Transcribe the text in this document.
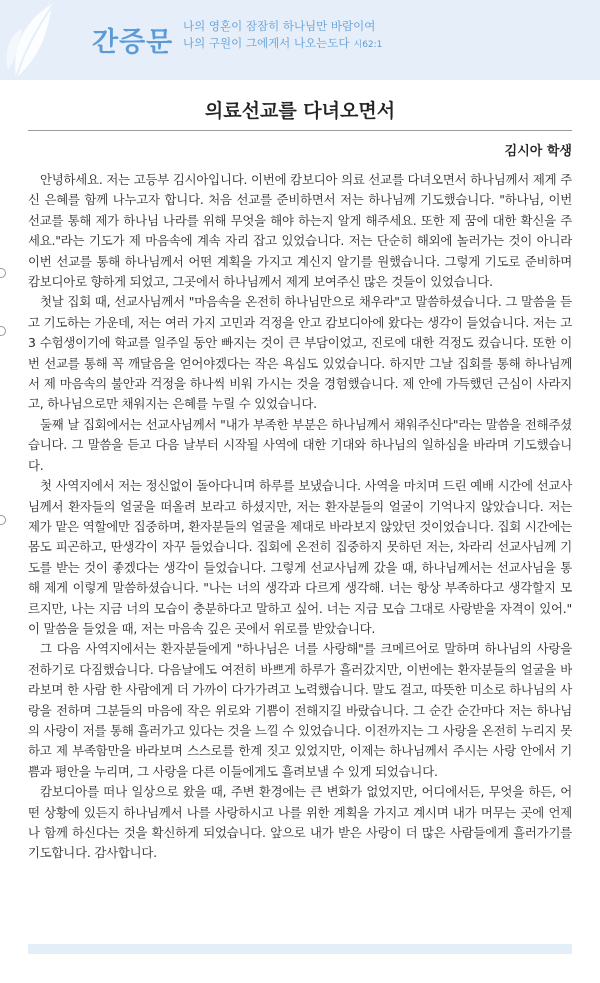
간증문
나의 영혼이 잠잠히 하나님만 바람이여
나의 구원이 그에게서 나오는도다 시62:1
의료선교를 다녀오면서
김시아 학생

안녕하세요. 저는 고등부 김시아입니다. 이번에 캄보디아 의료 선교를 다녀오면서 하나님께서 제게 주신 은혜를 함께 나누고자 합니다. 처음 선교를 준비하면서 저는 하나님께 기도했습니다. "하나님, 이번 선교를 통해 제가 하나님 나라를 위해 무엇을 해야 하는지 알게 해주세요. 또한 제 꿈에 대한 확신을 주세요."라는 기도가 제 마음속에 계속 자리 잡고 있었습니다. 저는 단순히 해외에 놀러가는 것이 아니라 이번 선교를 통해 하나님께서 어떤 계획을 가지고 계신지 알기를 원했습니다. 그렇게 기도로 준비하며 캄보디아로 향하게 되었고, 그곳에서 하나님께서 제게 보여주신 많은 것들이 있었습니다.

첫날 집회 때, 선교사님께서 "마음속을 온전히 하나님만으로 채우라"고 말씀하셨습니다. 그 말씀을 듣고 기도하는 가운데, 저는 여러 가지 고민과 걱정을 안고 캄보디아에 왔다는 생각이 들었습니다. 저는 고3 수험생이기에 학교를 일주일 동안 빠지는 것이 큰 부담이었고, 진로에 대한 걱정도 컸습니다. 또한 이번 선교를 통해 꼭 깨달음을 얻어야겠다는 작은 욕심도 있었습니다. 하지만 그날 집회를 통해 하나님께서 제 마음속의 불안과 걱정을 하나씩 비워 가시는 것을 경험했습니다. 제 안에 가득했던 근심이 사라지고, 하나님으로만 채워지는 은혜를 누릴 수 있었습니다.

둘째 날 집회에서는 선교사님께서 "내가 부족한 부분은 하나님께서 채워주신다"라는 말씀을 전해주셨습니다. 그 말씀을 듣고 다음 날부터 시작될 사역에 대한 기대와 하나님의 일하심을 바라며 기도했습니다.

첫 사역지에서 저는 정신없이 돌아다니며 하루를 보냈습니다. 사역을 마치며 드린 예배 시간에 선교사님께서 환자들의 얼굴을 떠올려 보라고 하셨지만, 저는 환자분들의 얼굴이 기억나지 않았습니다. 저는 제가 맡은 역할에만 집중하며, 환자분들의 얼굴을 제대로 바라보지 않았던 것이었습니다. 집회 시간에는 몸도 피곤하고, 딴생각이 자꾸 들었습니다. 집회에 온전히 집중하지 못하던 저는, 차라리 선교사님께 기도를 받는 것이 좋겠다는 생각이 들었습니다. 그렇게 선교사님께 갔을 때, 하나님께서는 선교사님을 통해 제게 이렇게 말씀하셨습니다. "나는 너의 생각과 다르게 생각해. 너는 항상 부족하다고 생각할지 모르지만, 나는 지금 너의 모습이 충분하다고 말하고 싶어. 너는 지금 모습 그대로 사랑받을 자격이 있어." 이 말씀을 들었을 때, 저는 마음속 깊은 곳에서 위로를 받았습니다.

그 다음 사역지에서는 환자분들에게 "하나님은 너를 사랑해"를 크메르어로 말하며 하나님의 사랑을 전하기로 다짐했습니다. 다음날에도 여전히 바쁘게 하루가 흘러갔지만, 이번에는 환자분들의 얼굴을 바라보며 한 사람 한 사람에게 더 가까이 다가가려고 노력했습니다. 말도 걸고, 따뜻한 미소로 하나님의 사랑을 전하며 그분들의 마음에 작은 위로와 기쁨이 전해지길 바랐습니다. 그 순간 순간마다 저는 하나님의 사랑이 저를 통해 흘러가고 있다는 것을 느낄 수 있었습니다. 이전까지는 그 사랑을 온전히 누리지 못하고 제 부족함만을 바라보며 스스로를 한계 짓고 있었지만, 이제는 하나님께서 주시는 사랑 안에서 기쁨과 평안을 누리며, 그 사랑을 다른 이들에게도 흘려보낼 수 있게 되었습니다.

캄보디아를 떠나 일상으로 왔을 때, 주변 환경에는 큰 변화가 없었지만, 어디에서든, 무엇을 하든, 어떤 상황에 있든지 하나님께서 나를 사랑하시고 나를 위한 계획을 가지고 계시며 내가 머무는 곳에 언제나 함께 하신다는 것을 확신하게 되었습니다. 앞으로 내가 받은 사랑이 더 많은 사람들에게 흘러가기를 기도합니다. 감사합니다.
